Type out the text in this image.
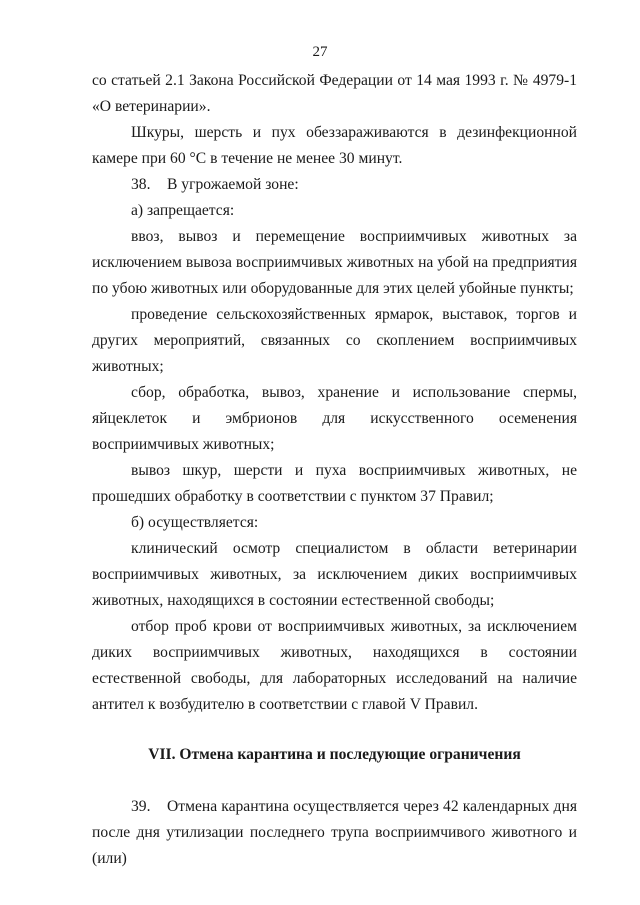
27

со статьей 2.1 Закона Российской Федерации от 14 мая 1993 г. № 4979-1 «О ветеринарии».

Шкуры, шерсть и пух обеззараживаются в дезинфекционной камере при 60 °С в течение не менее 30 минут.

38. В угрожаемой зоне:

а) запрещается:

ввоз, вывоз и перемещение восприимчивых животных за исключением вывоза восприимчивых животных на убой на предприятия по убою животных или оборудованные для этих целей убойные пункты;

проведение сельскохозяйственных ярмарок, выставок, торгов и других мероприятий, связанных со скоплением восприимчивых животных;

сбор, обработка, вывоз, хранение и использование спермы, яйцеклеток и эмбрионов для искусственного осеменения восприимчивых животных;

вывоз шкур, шерсти и пуха восприимчивых животных, не прошедших обработку в соответствии с пунктом 37 Правил;

б) осуществляется:

клинический осмотр специалистом в области ветеринарии восприимчивых животных, за исключением диких восприимчивых животных, находящихся в состоянии естественной свободы;

отбор проб крови от восприимчивых животных, за исключением диких восприимчивых животных, находящихся в состоянии естественной свободы, для лабораторных исследований на наличие антител к возбудителю в соответствии с главой V Правил.

VII. Отмена карантина и последующие ограничения

39. Отмена карантина осуществляется через 42 календарных дня после дня утилизации последнего трупа восприимчивого животного и (или)
